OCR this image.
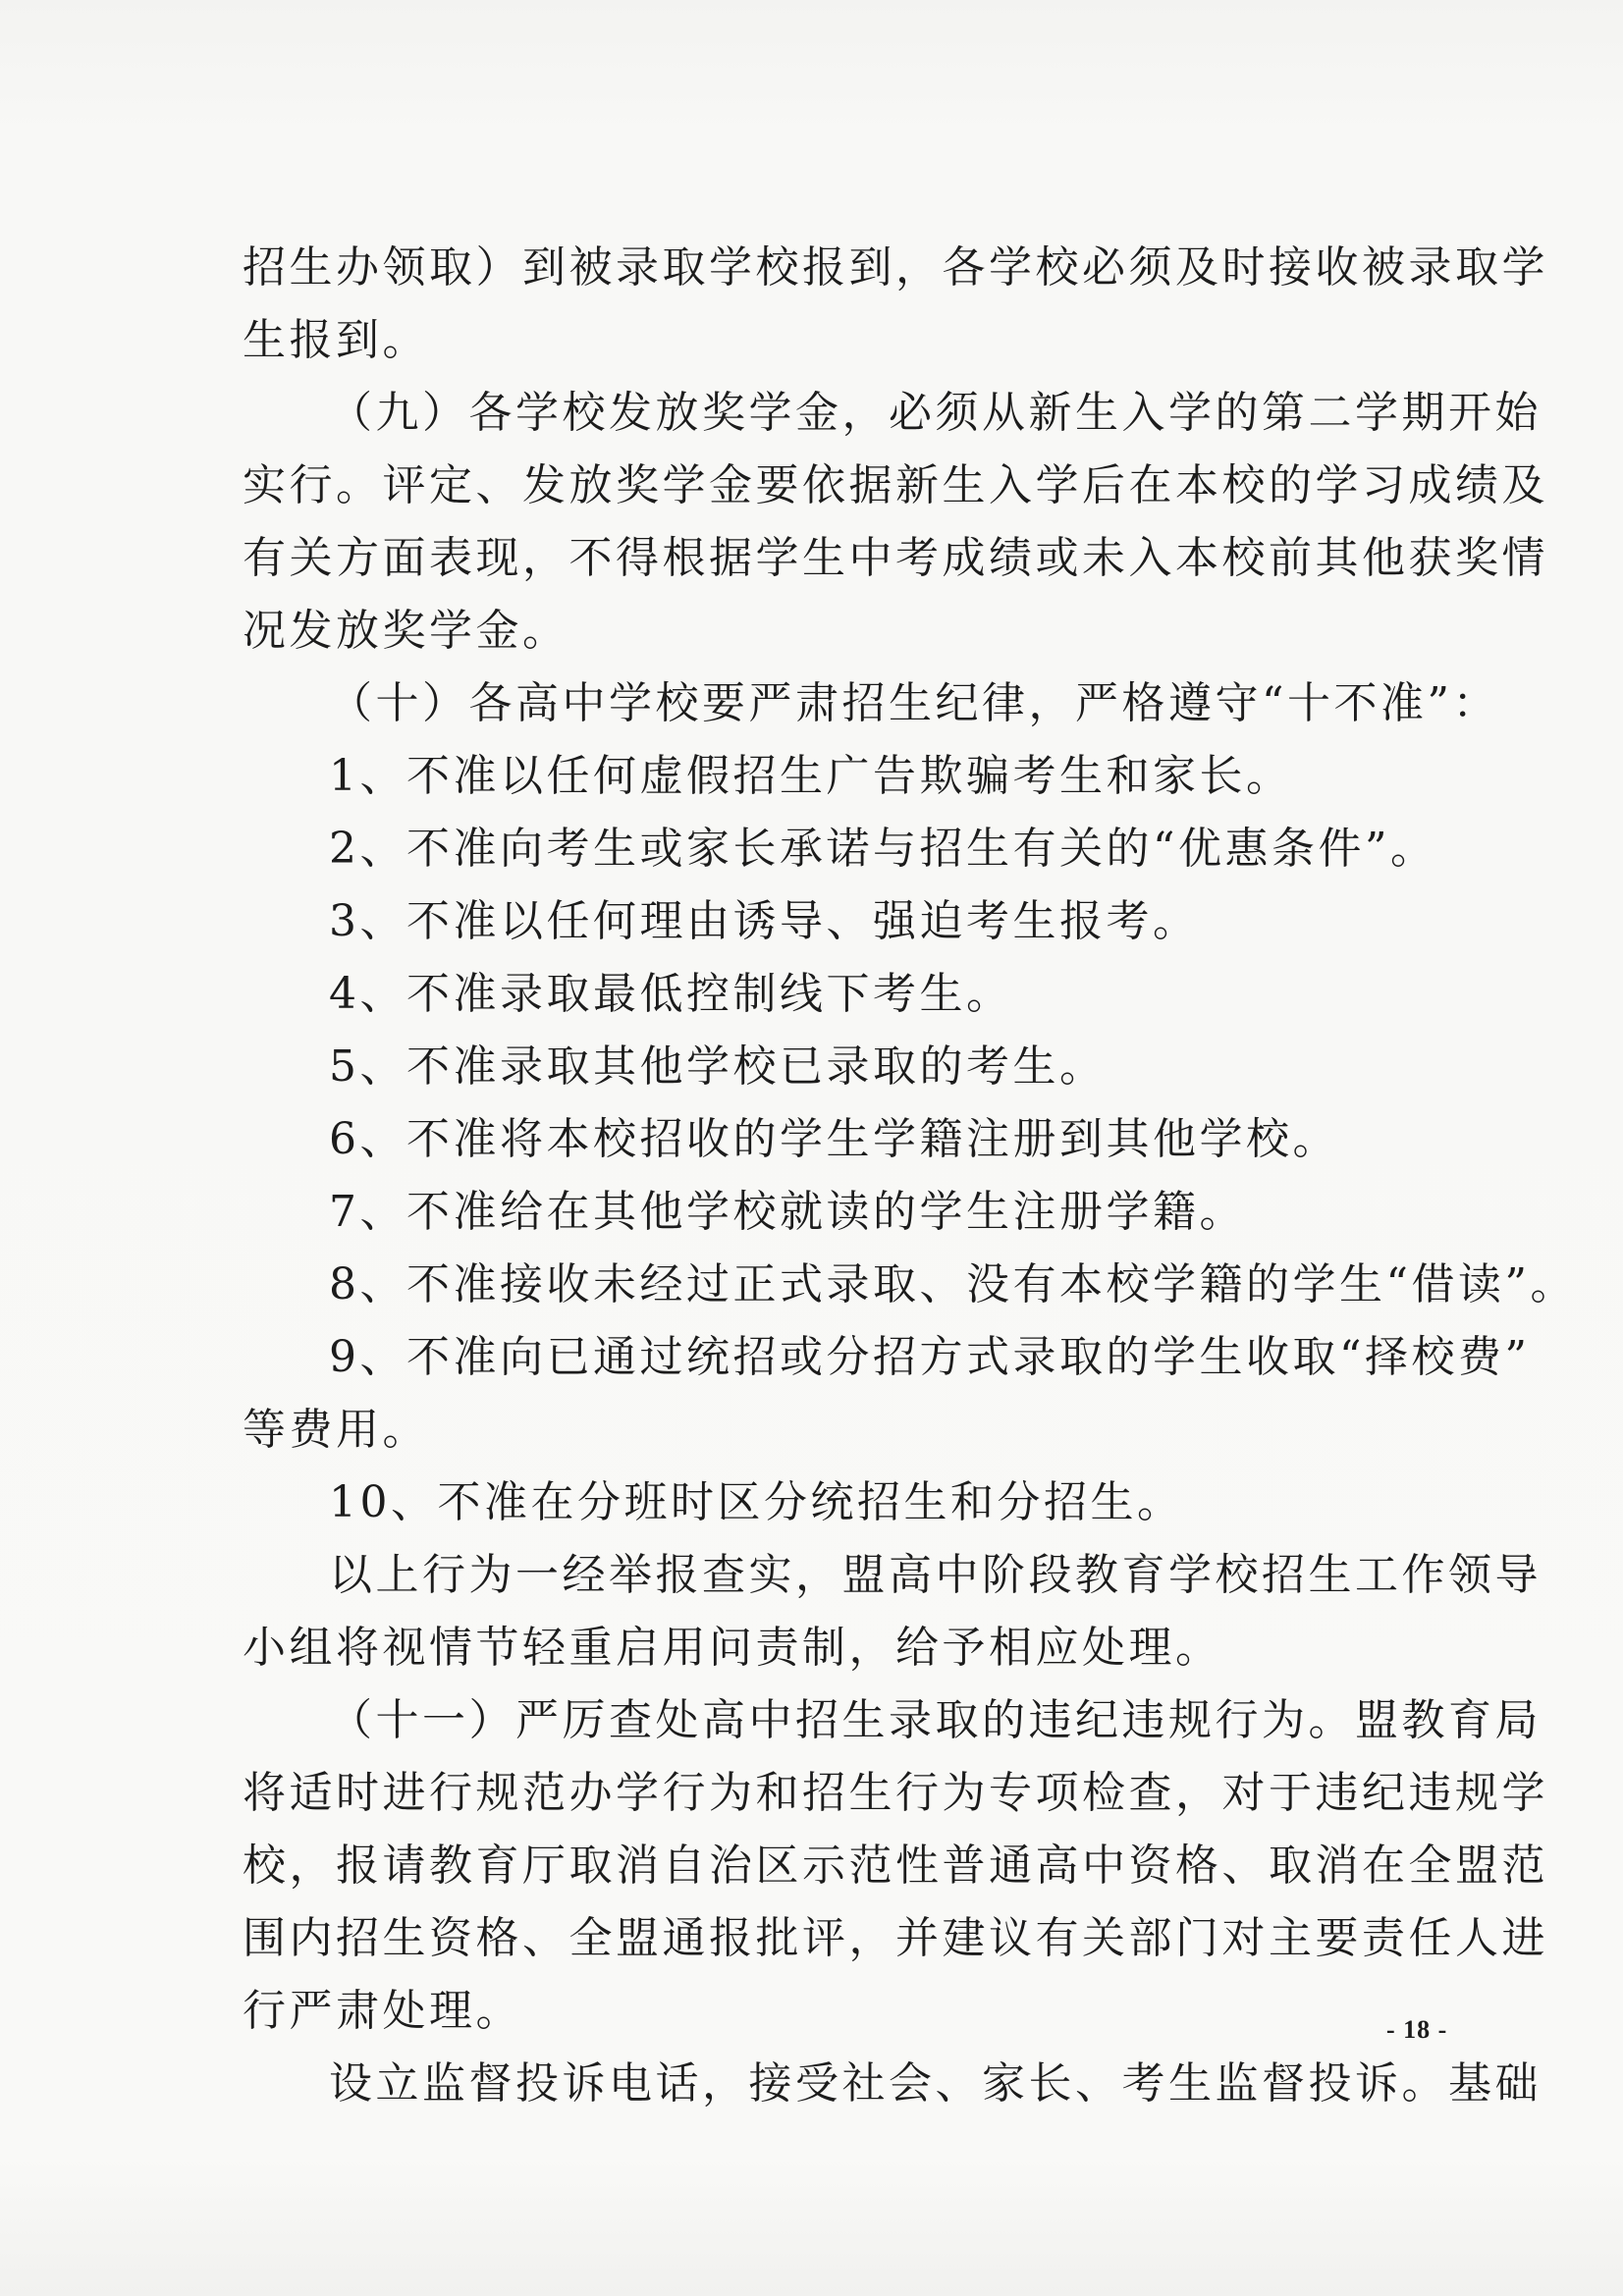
招生办领取）到被录取学校报到，各学校必须及时接收被录取学
生报到。
（九）各学校发放奖学金，必须从新生入学的第二学期开始
实行。评定、发放奖学金要依据新生入学后在本校的学习成绩及
有关方面表现，不得根据学生中考成绩或未入本校前其他获奖情
况发放奖学金。
（十）各高中学校要严肃招生纪律，严格遵守“十不准”：
1、不准以任何虚假招生广告欺骗考生和家长。
2、不准向考生或家长承诺与招生有关的“优惠条件”。
3、不准以任何理由诱导、强迫考生报考。
4、不准录取最低控制线下考生。
5、不准录取其他学校已录取的考生。
6、不准将本校招收的学生学籍注册到其他学校。
7、不准给在其他学校就读的学生注册学籍。
8、不准接收未经过正式录取、没有本校学籍的学生“借读”。
9、不准向已通过统招或分招方式录取的学生收取“择校费”
等费用。
10、不准在分班时区分统招生和分招生。
以上行为一经举报查实，盟高中阶段教育学校招生工作领导
小组将视情节轻重启用问责制，给予相应处理。
（十一）严厉查处高中招生录取的违纪违规行为。盟教育局
将适时进行规范办学行为和招生行为专项检查，对于违纪违规学
校，报请教育厅取消自治区示范性普通高中资格、取消在全盟范
围内招生资格、全盟通报批评，并建议有关部门对主要责任人进
行严肃处理。
设立监督投诉电话，接受社会、家长、考生监督投诉。基础
- 18 -
